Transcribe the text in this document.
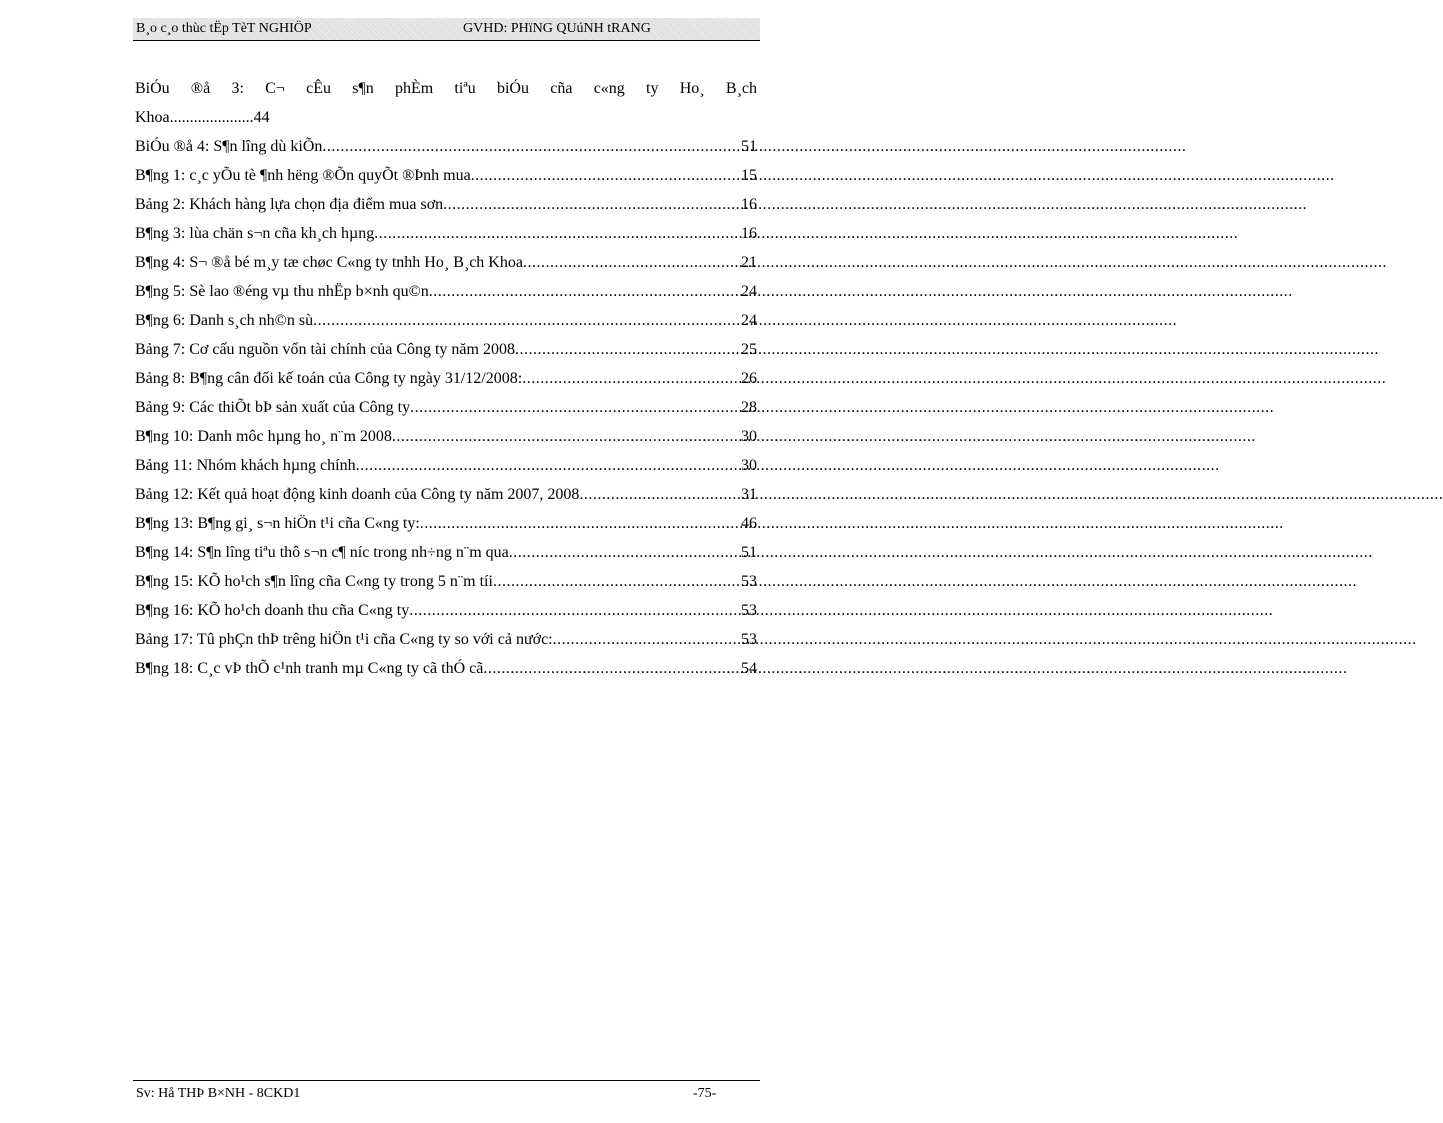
B¸o c¸o thùc tËp TèT NGHIÖP	GVHD: PHïNG QUúNH tRANG
BiÓu ®å 3: C¬ cÊu s¶n phÈm tiªu biÓu cña c«ng ty Ho¸ B¸ch
Khoa.....................44
BiÓu ®å 4: S¶n lîng dù kiÕn .....	51
B¶ng 1: c¸c yÕu tè ¶nh hëng ®Õn quyÕt ®Þnh mua .....	15
Bảng 2: Khách hàng lựa chọn địa điểm mua sơn .....	16
B¶ng 3: lùa chän s¬n cña kh¸ch hµng .....	16
B¶ng 4: S¬ ®å bé m¸y tæ chøc C«ng ty tnhh Ho¸ B¸ch Khoa .....	21
B¶ng 5: Sè lao ®éng vµ thu nhËp b×nh qu©n .....	24
B¶ng 6: Danh s¸ch nh©n sù .....	24
Bảng 7: Cơ cấu nguồn vốn tài chính của Công ty năm 2008 .....	25
Bảng 8: B¶ng cân đối kế toán của Công ty ngày 31/12/2008: .....	26
Bảng 9: Các thiÕt bÞ sản xuất của Công ty .....	28
B¶ng 10: Danh môc hµng ho¸ n¨m 2008 .....	30
Bảng 11: Nhóm khách hµng chính .....	30
Bảng 12: Kết quả hoạt động kinh doanh của Công ty năm 2007, 2008 .....	31
B¶ng 13: B¶ng gi¸ s¬n hiÖn t¹i cña C«ng ty: .....	46
B¶ng 14: S¶n lîng tiªu thô s¬n c¶ níc trong nh÷ng n¨m qua .....	51
B¶ng 15: KÕ ho¹ch s¶n lîng cña C«ng ty trong 5 n¨m tíi .....	53
B¶ng 16: KÕ ho¹ch doanh thu cña C«ng ty .....	53
Bảng 17: Tû phÇn thÞ trêng hiÖn t¹i cña C«ng ty so với cả nước: .....	53
B¶ng 18: C¸c vÞ thÕ c¹nh tranh mµ C«ng ty cã thÓ cã .....	54
Sv: Hå THÞ B×NH - 8CKD1	-75-
